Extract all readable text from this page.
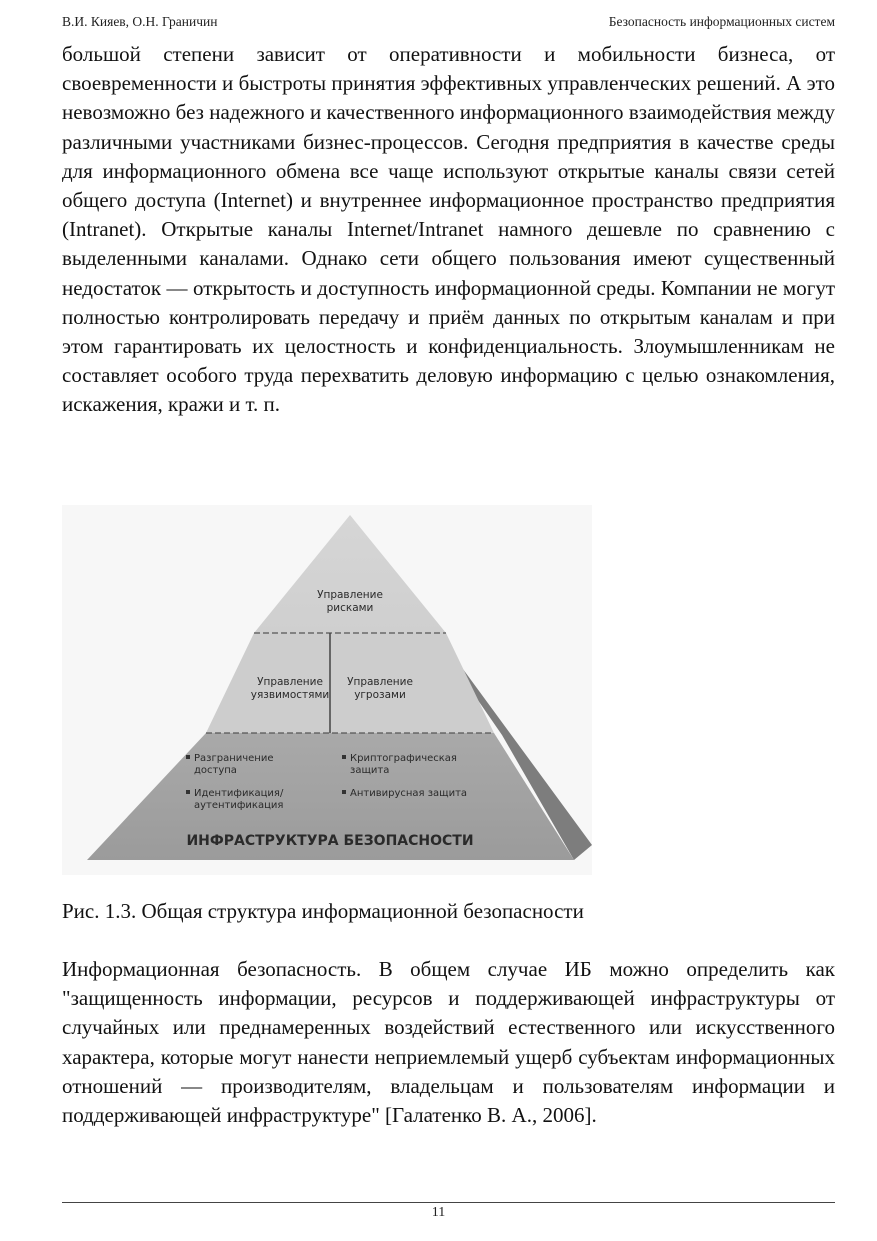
В.И. Кияев, О.Н. Граничин	Безопасность информационных систем

большой степени зависит от оперативности и мобильности бизнеса, от своевременности и быстроты принятия эффективных управленческих решений. А это невозможно без надежного и качественного информационного взаимодействия между различными участниками бизнес-процессов. Сегодня предприятия в качестве среды для информационного обмена все чаще используют открытые каналы связи сетей общего доступа (Internet) и внутреннее информационное пространство предприятия (Intranet). Открытые каналы Internet/Intranet намного дешевле по сравнению с выделенными каналами. Однако сети общего пользования имеют существенный недостаток — открытость и доступность информационной среды. Компании не могут полностью контролировать передачу и приём данных по открытым каналам и при этом гарантировать их целостность и конфиденциальность. Злоумышленникам не составляет особого труда перехватить деловую информацию с целью ознакомления, искажения, кражи и т. п.

Управление
рисками
Управление
уязвимостями
Управление
угрозами
Разграничение
доступа
Криптографическая
защита
Идентификация/
аутентификация
Антивирусная защита
ИНФРАСТРУКТУРА БЕЗОПАСНОСТИ
Рис. 1.3. Общая структура информационной безопасности

Информационная безопасность. В общем случае ИБ можно определить как "защищенность информации, ресурсов и поддерживающей инфраструктуры от случайных или преднамеренных воздействий естественного или искусственного характера, которые могут нанести неприемлемый ущерб субъектам информационных отношений — производителям, владельцам и пользователям информации и поддерживающей инфраструктуре" [Галатенко В. А., 2006].

11
